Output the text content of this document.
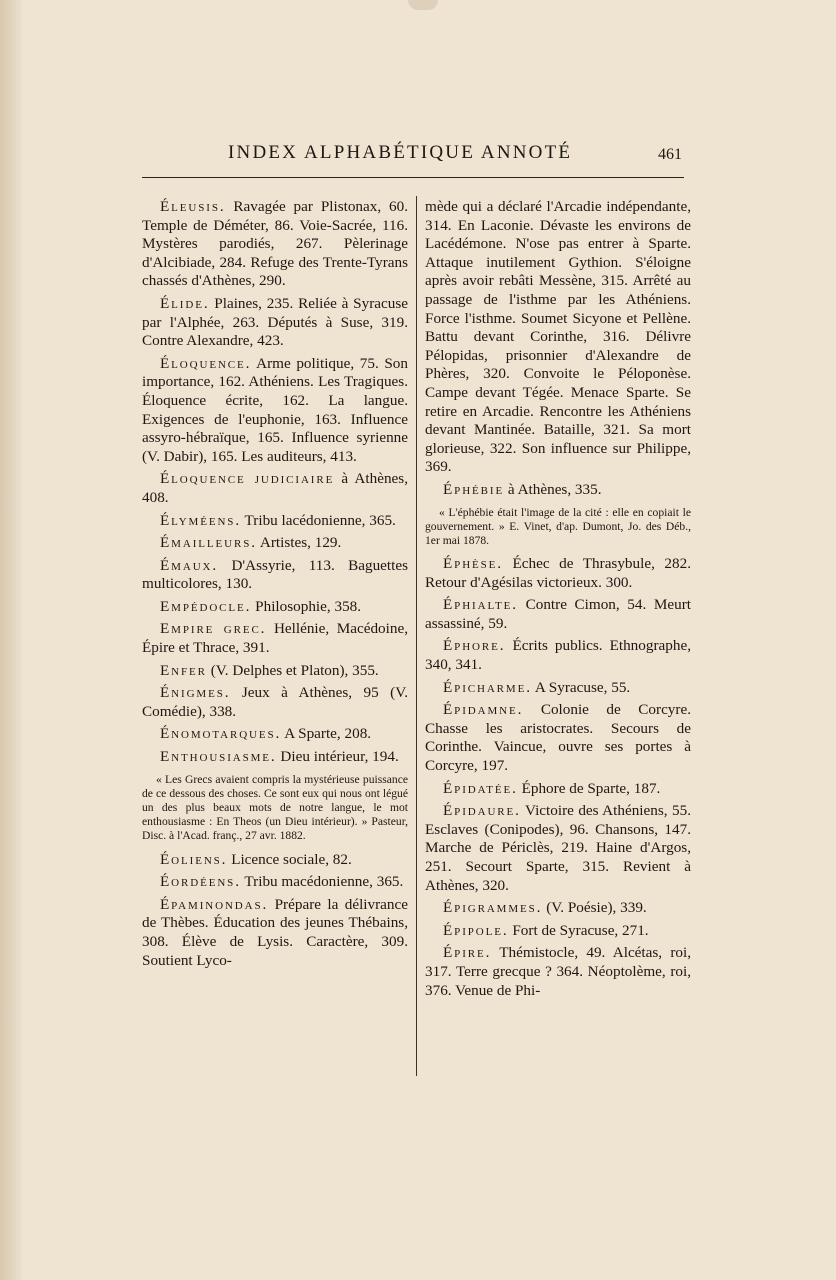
INDEX ALPHABÉTIQUE ANNOTÉ	461

Éleusis. Ravagée par Plistonax, 60. Temple de Déméter, 86. Voie-Sacrée, 116. Mystères parodiés, 267. Pèlerinage d'Alcibiade, 284. Refuge des Trente-Tyrans chassés d'Athènes, 290.

Élide. Plaines, 235. Reliée à Syracuse par l'Alphée, 263. Députés à Suse, 319. Contre Alexandre, 423.

Éloquence. Arme politique, 75. Son importance, 162. Athéniens. Les Tragiques. Éloquence écrite, 162. La langue. Exigences de l'euphonie, 163. Influence assyro-hébraïque, 165. Influence syrienne (V. Dabir), 165. Les auditeurs, 413.

Éloquence judiciaire à Athènes, 408.

Élyméens. Tribu lacédonienne, 365.

Émailleurs. Artistes, 129.

Émaux. D'Assyrie, 113. Baguettes multicolores, 130.

Empédocle. Philosophie, 358.

Empire grec. Hellénie, Macédoine, Épire et Thrace, 391.

Enfer (V. Delphes et Platon), 355.

Énigmes. Jeux à Athènes, 95 (V. Comédie), 338.

Énomotarques. A Sparte, 208.

Enthousiasme. Dieu intérieur, 194.

« Les Grecs avaient compris la mystérieuse puissance de ce dessous des choses. Ce sont eux qui nous ont légué un des plus beaux mots de notre langue, le mot enthousiasme : En Theos (un Dieu intérieur). » Pasteur, Disc. à l'Acad. franç., 27 avr. 1882.

Éoliens. Licence sociale, 82.

Éordéens. Tribu macédonienne, 365.

Épaminondas. Prépare la délivrance de Thèbes. Éducation des jeunes Thébains, 308. Élève de Lysis. Caractère, 309. Soutient Lyco-

mède qui a déclaré l'Arcadie indépendante, 314. En Laconie. Dévaste les environs de Lacédémone. N'ose pas entrer à Sparte. Attaque inutilement Gythion. S'éloigne après avoir rebâti Messène, 315. Arrêté au passage de l'isthme par les Athéniens. Force l'isthme. Soumet Sicyone et Pellène. Battu devant Corinthe, 316. Délivre Pélopidas, prisonnier d'Alexandre de Phères, 320. Convoite le Péloponèse. Campe devant Tégée. Menace Sparte. Se retire en Arcadie. Rencontre les Athéniens devant Mantinée. Bataille, 321. Sa mort glorieuse, 322. Son influence sur Philippe, 369.

Éphébie à Athènes, 335.

« L'éphébie était l'image de la cité : elle en copiait le gouvernement. » E. Vinet, d'ap. Dumont, Jo. des Déb., 1er mai 1878.

Éphèse. Échec de Thrasybule, 282. Retour d'Agésilas victorieux. 300.

Éphialte. Contre Cimon, 54. Meurt assassiné, 59.

Éphore. Écrits publics. Ethnographe, 340, 341.

Épicharme. A Syracuse, 55.

Épidamne. Colonie de Corcyre. Chasse les aristocrates. Secours de Corinthe. Vaincue, ouvre ses portes à Corcyre, 197.

Épidatée. Éphore de Sparte, 187.

Épidaure. Victoire des Athéniens, 55. Esclaves (Conipodes), 96. Chansons, 147. Marche de Périclès, 219. Haine d'Argos, 251. Secourt Sparte, 315. Revient à Athènes, 320.

Épigrammes. (V. Poésie), 339.

Épipole. Fort de Syracuse, 271.

Épire. Thémistocle, 49. Alcétas, roi, 317. Terre grecque ? 364. Néoptolème, roi, 376. Venue de Phi-
